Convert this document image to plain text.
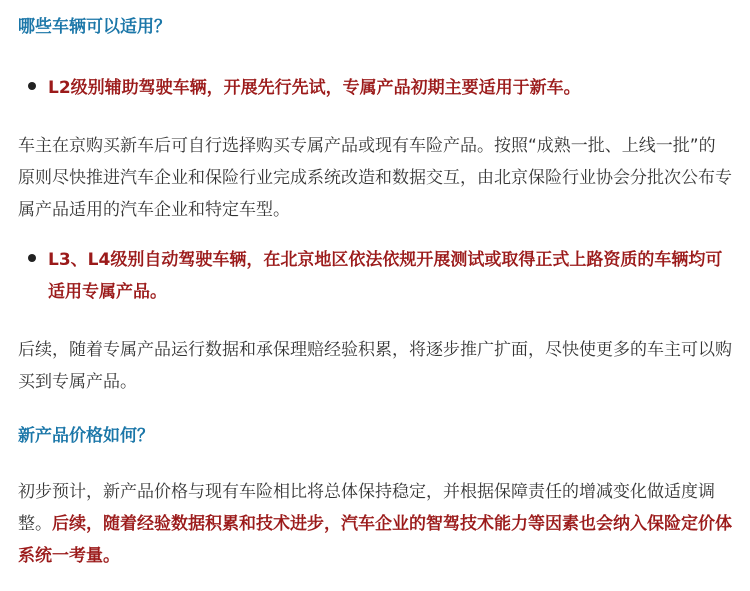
哪些车辆可以适用？
L2级别辅助驾驶车辆，开展先行先试，专属产品初期主要适用于新车。

车主在京购买新车后可自行选择购买专属产品或现有车险产品。按照“成熟一批、上线一批”的原则尽快推进汽车企业和保险行业完成系统改造和数据交互，由北京保险行业协会分批次公布专属产品适用的汽车企业和特定车型。

L3、L4级别自动驾驶车辆，在北京地区依法依规开展测试或取得正式上路资质的车辆均可适用专属产品。

后续，随着专属产品运行数据和承保理赔经验积累，将逐步推广扩面，尽快使更多的车主可以购买到专属产品。

新产品价格如何？

初步预计，新产品价格与现有车险相比将总体保持稳定，并根据保障责任的增减变化做适度调整。后续，随着经验数据积累和技术进步，汽车企业的智驾技术能力等因素也会纳入保险定价体系统一考量。
